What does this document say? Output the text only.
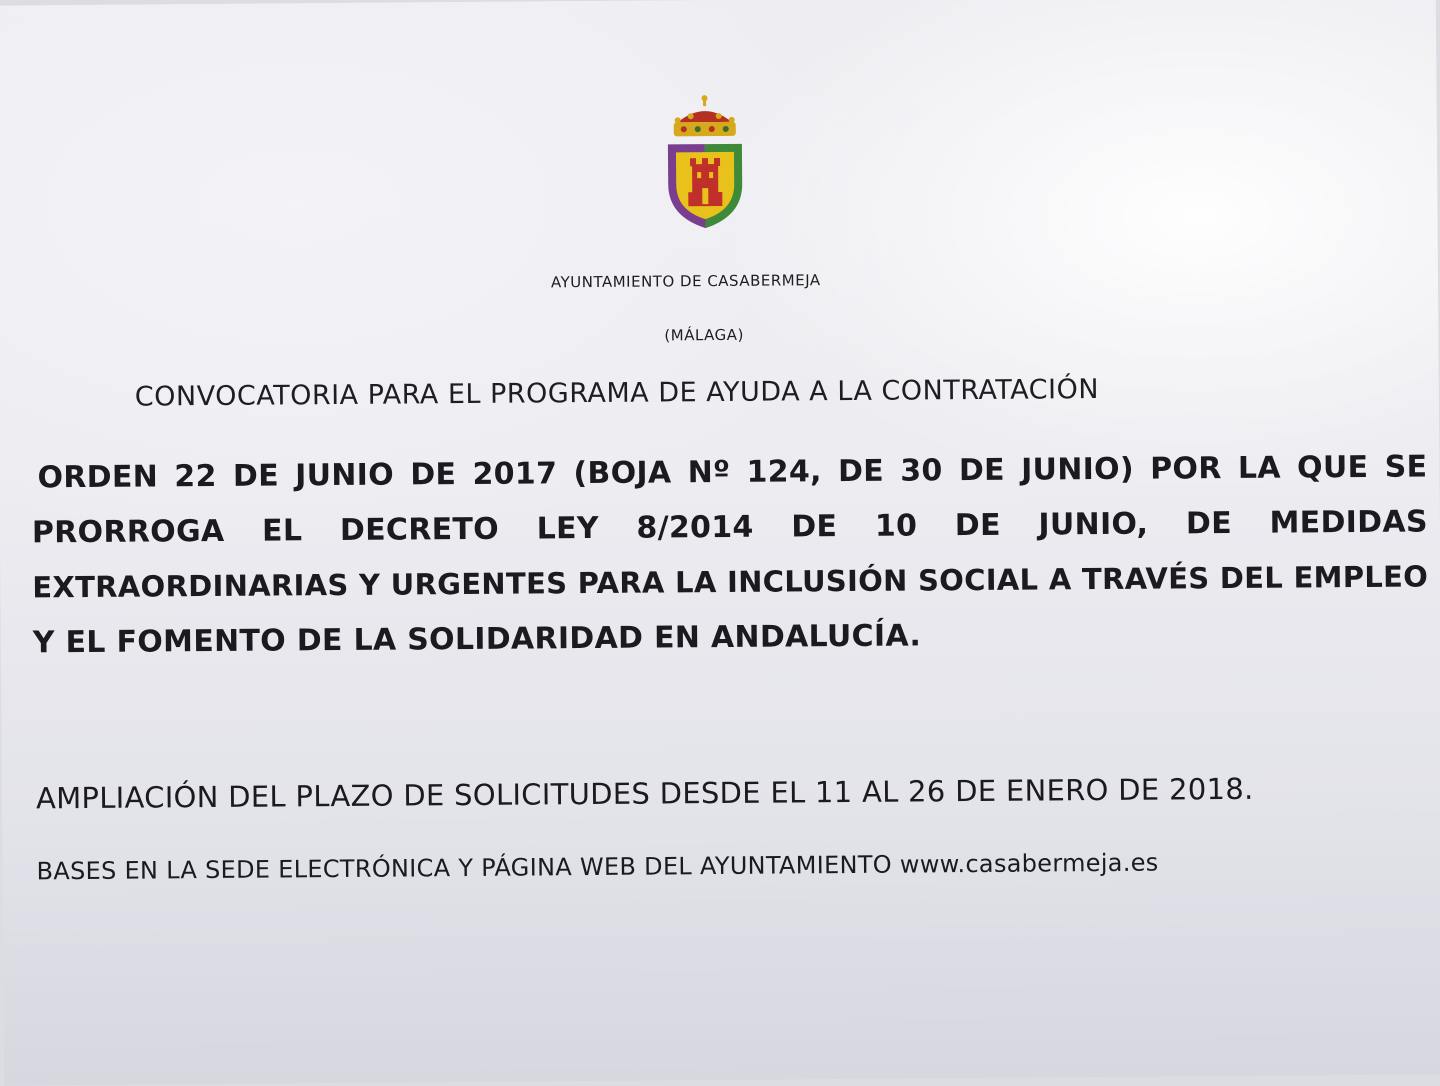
AYUNTAMIENTO DE CASABERMEJA
(MÁLAGA)
CONVOCATORIA PARA EL PROGRAMA DE AYUDA A LA CONTRATACIÓN
ORDEN 22 DE JUNIO DE 2017 (BOJA Nº 124, DE 30 DE JUNIO) POR LA QUE SE
PRORROGA EL DECRETO LEY 8/2014 DE 10 DE JUNIO, DE MEDIDAS
EXTRAORDINARIAS Y URGENTES PARA LA INCLUSIÓN SOCIAL A TRAVÉS DEL EMPLEO
Y EL FOMENTO DE LA SOLIDARIDAD EN ANDALUCÍA.
AMPLIACIÓN DEL PLAZO DE SOLICITUDES DESDE EL 11 AL 26 DE ENERO DE 2018.
BASES EN LA SEDE ELECTRÓNICA Y PÁGINA WEB DEL AYUNTAMIENTO www.casabermeja.es
